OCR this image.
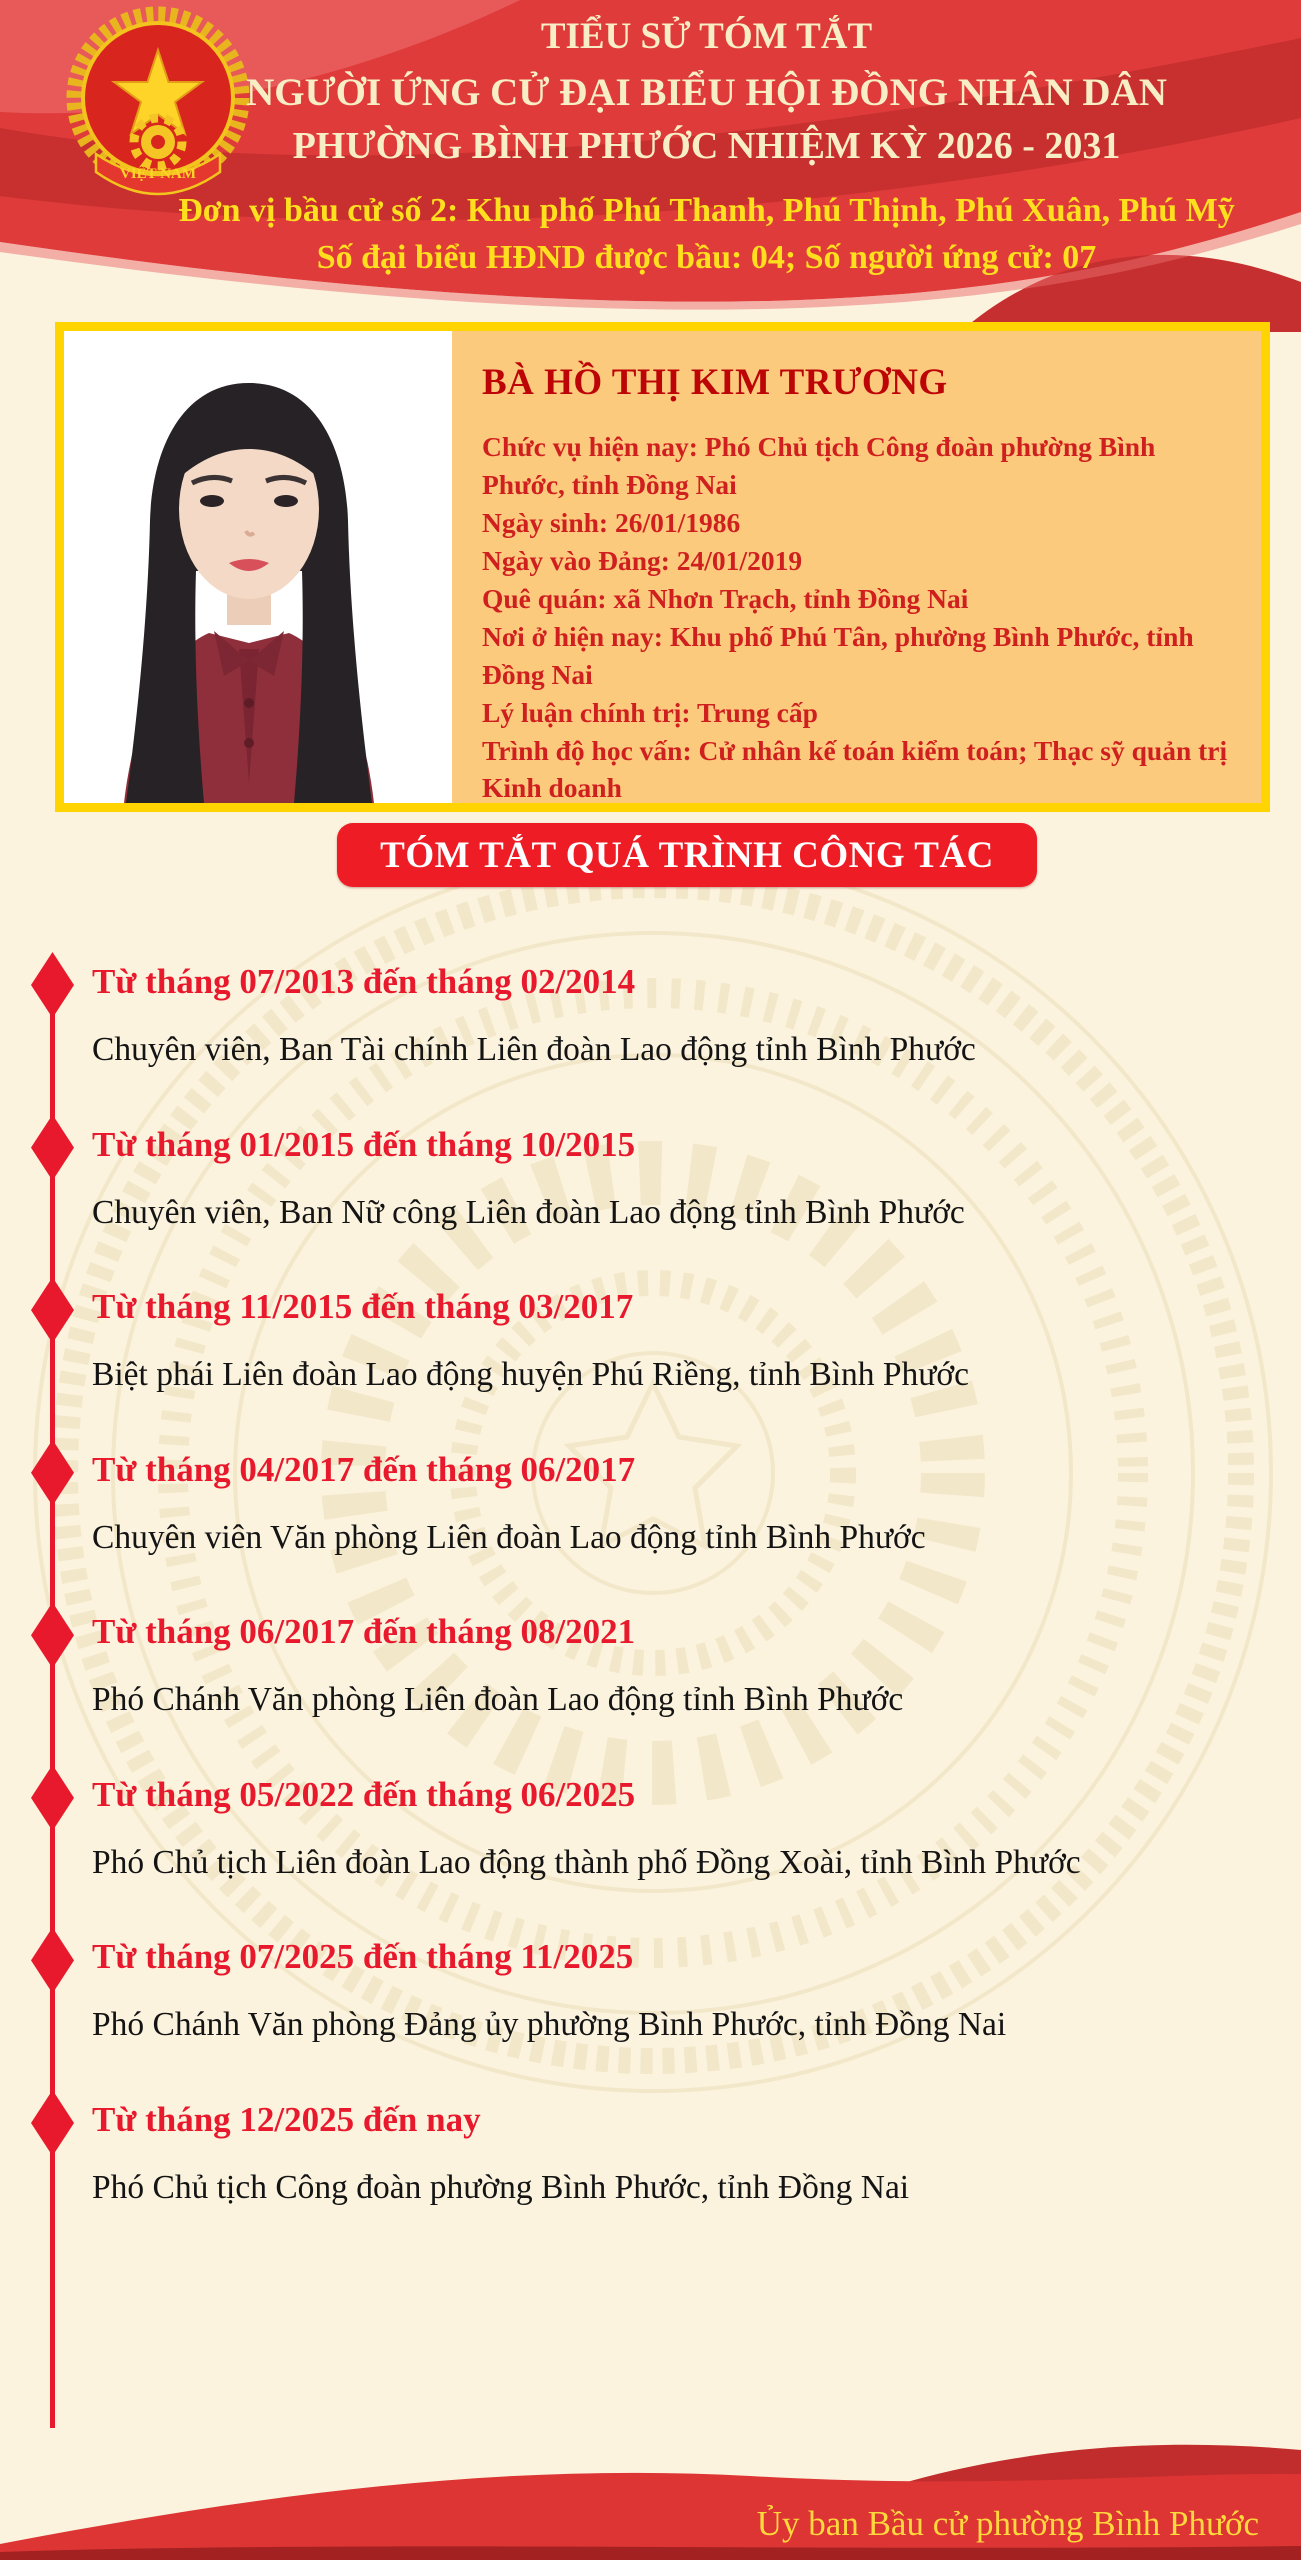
VIỆT NAM
TIỂU SỬ TÓM TẮT
NGƯỜI ỨNG CỬ ĐẠI BIỂU HỘI ĐỒNG NHÂN DÂN
PHƯỜNG BÌNH PHƯỚC NHIỆM KỲ 2026 - 2031
Đơn vị bầu cử số 2: Khu phố Phú Thanh, Phú Thịnh, Phú Xuân, Phú Mỹ
Số đại biểu HĐND được bầu: 04; Số người ứng cử: 07
BÀ HỒ THỊ KIM TRƯƠNG

Chức vụ hiện nay: Phó Chủ tịch Công đoàn phường Bình Phước, tỉnh Đồng Nai

Ngày sinh: 26/01/1986

Ngày vào Đảng: 24/01/2019

Quê quán: xã Nhơn Trạch, tỉnh Đồng Nai

Nơi ở hiện nay: Khu phố Phú Tân, phường Bình Phước, tỉnh Đồng Nai

Lý luận chính trị: Trung cấp

Trình độ học vấn: Cử nhân kế toán kiểm toán; Thạc sỹ quản trị Kinh doanh

TÓM TẮT QUÁ TRÌNH CÔNG TÁC

Từ tháng 07/2013 đến tháng 02/2014

Chuyên viên, Ban Tài chính Liên đoàn Lao động tỉnh Bình Phước

Từ tháng 01/2015 đến tháng 10/2015

Chuyên viên, Ban Nữ công Liên đoàn Lao động tỉnh Bình Phước

Từ tháng 11/2015 đến tháng 03/2017

Biệt phái Liên đoàn Lao động huyện Phú Riềng, tỉnh Bình Phước

Từ tháng 04/2017 đến tháng 06/2017

Chuyên viên Văn phòng Liên đoàn Lao động tỉnh Bình Phước

Từ tháng 06/2017 đến tháng 08/2021

Phó Chánh Văn phòng Liên đoàn Lao động tỉnh Bình Phước

Từ tháng 05/2022 đến tháng 06/2025

Phó Chủ tịch Liên đoàn Lao động thành phố Đồng Xoài, tỉnh Bình Phước

Từ tháng 07/2025 đến tháng 11/2025

Phó Chánh Văn phòng Đảng ủy phường Bình Phước, tỉnh Đồng Nai

Từ tháng 12/2025 đến nay

Phó Chủ tịch Công đoàn phường Bình Phước, tỉnh Đồng Nai

Ủy ban Bầu cử phường Bình Phước
